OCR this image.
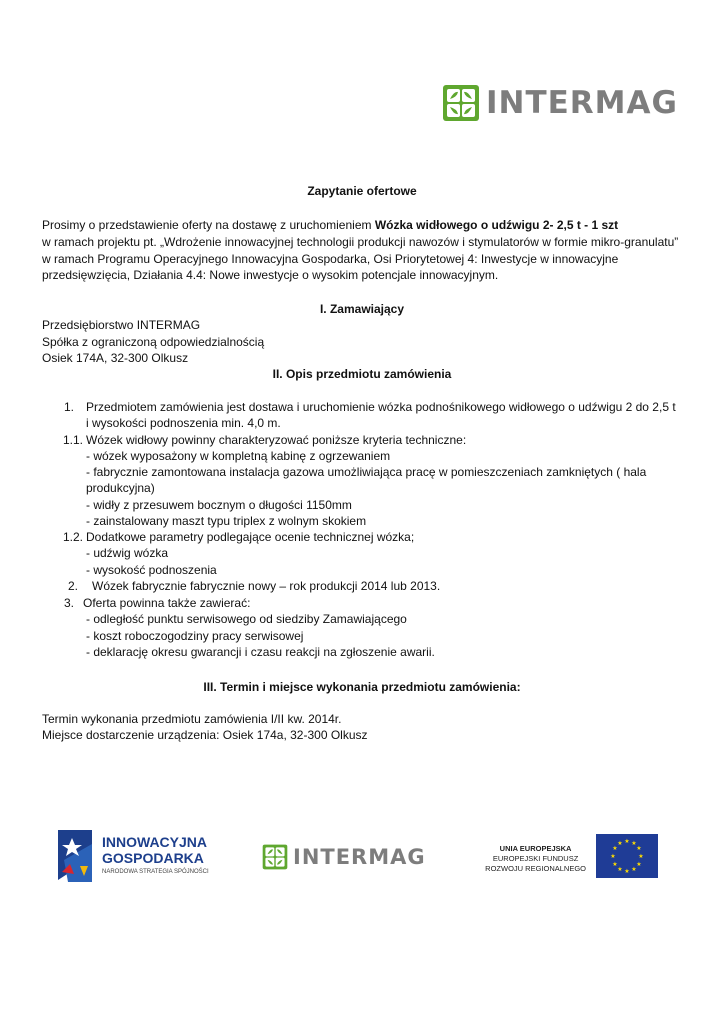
INTERMAG
Zapytanie ofertowe
Prosimy o przedstawienie oferty na dostawę z uruchomieniem Wózka widłowego o udźwigu 2- 2,5 t - 1 szt
w ramach projektu pt. „Wdrożenie innowacyjnej technologii produkcji nawozów i stymulatorów w formie mikro-granulatu”
w ramach Programu Operacyjnego Innowacyjna Gospodarka, Osi Priorytetowej 4: Inwestycje w innowacyjne
przedsięwzięcia, Działania 4.4: Nowe inwestycje o wysokim potencjale innowacyjnym.
I. Zamawiający
Przedsiębiorstwo INTERMAG
Spółka z ograniczoną odpowiedzialnością
Osiek 174A, 32-300 Olkusz
II. Opis przedmiotu zamówienia
1. Przedmiotem zamówienia jest dostawa i uruchomienie wózka podnośnikowego widłowego o udźwigu 2 do 2,5 t
i wysokości podnoszenia min. 4,0 m.
1.1. Wózek widłowy powinny charakteryzować poniższe kryteria techniczne:
- wózek wyposażony w kompletną kabinę z ogrzewaniem
- fabrycznie zamontowana instalacja gazowa umożliwiająca pracę w pomieszczeniach zamkniętych ( hala
produkcyjna)
- widły z przesuwem bocznym o długości 1150mm
- zainstalowany maszt typu triplex z wolnym skokiem
1.2. Dodatkowe parametry podlegające ocenie technicznej wózka;
- udźwig wózka
- wysokość podnoszenia
2. Wózek fabrycznie fabrycznie nowy – rok produkcji 2014 lub 2013.
3. Oferta powinna także zawierać:
- odległość punktu serwisowego od siedziby Zamawiającego
- koszt roboczogodziny pracy serwisowej
- deklarację okresu gwarancji i czasu reakcji na zgłoszenie awarii.
III. Termin i miejsce wykonania przedmiotu zamówienia:
Termin wykonania przedmiotu zamówienia I/II kw. 2014r.
Miejsce dostarczenie urządzenia: Osiek 174a, 32-300 Olkusz
INNOWACYJNA
GOSPODARKA
NARODOWA STRATEGIA SPÓJNOŚCI
INTERMAG	UNIA EUROPEJSKA
EUROPEJSKI FUNDUSZ
ROZWOJU REGIONALNEGO
★ ★
★
★
★
★
★
★
★
★
★
★
